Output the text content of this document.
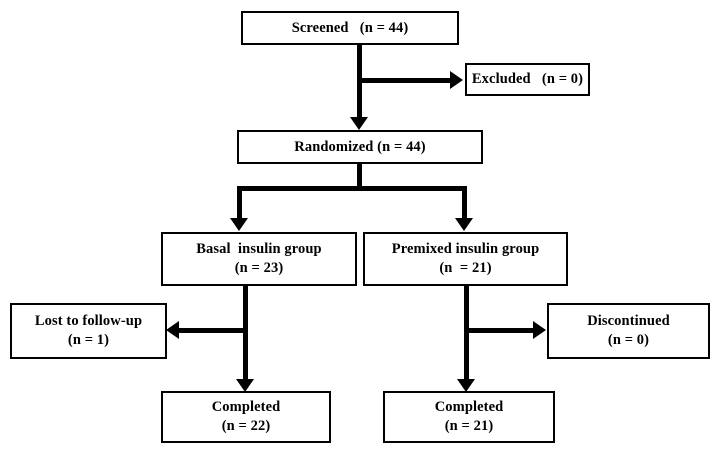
Screened   (n = 44)
Excluded   (n = 0)
Randomized (n = 44)
Basal  insulin group
(n = 23)
Premixed insulin group
(n  = 21)
Lost to follow-up
(n = 1)
Discontinued
(n = 0)
Completed
(n = 22)
Completed
(n = 21)
